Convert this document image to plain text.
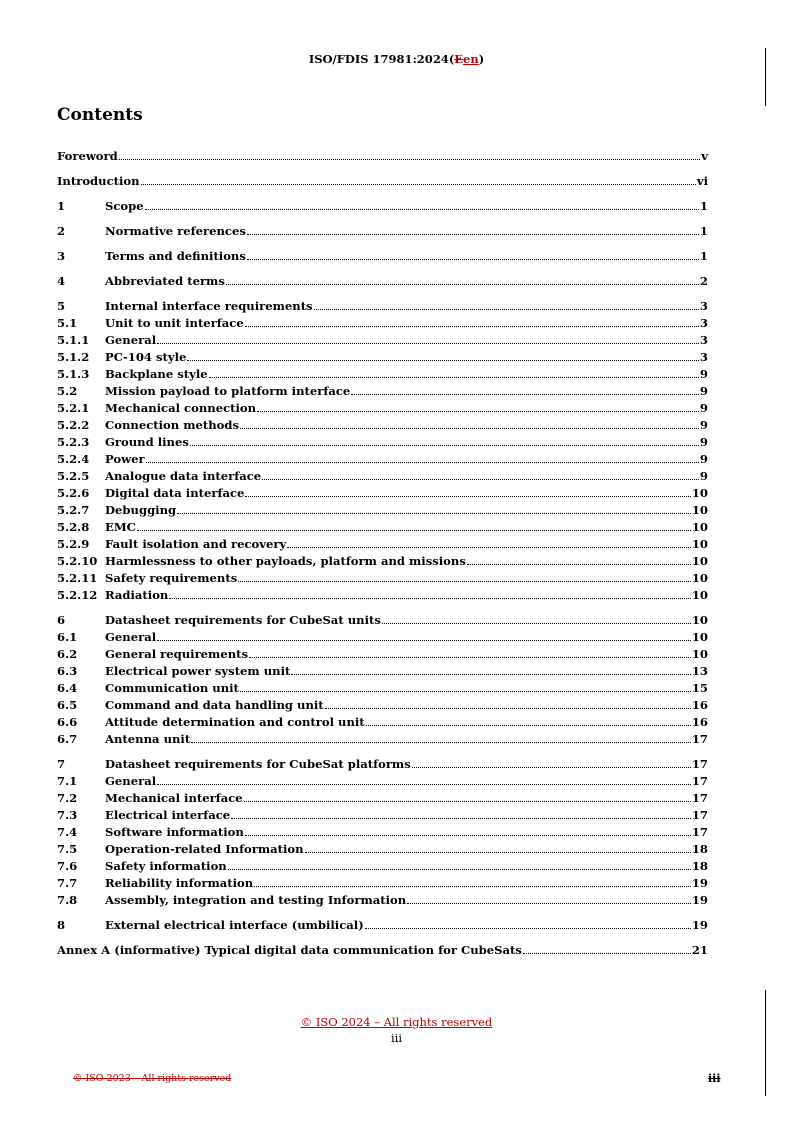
ISO/FDIS 17981:2024(Een)
Contents
Foreword	v
Introduction	vi
1	Scope	1
2	Normative references	1
3	Terms and definitions	1
4	Abbreviated terms	2
5	Internal interface requirements	3
5.1	Unit to unit interface	3
5.1.1	General	3
5.1.2	PC-104 style	3
5.1.3	Backplane style	9
5.2	Mission payload to platform interface	9
5.2.1	Mechanical connection	9
5.2.2	Connection methods	9
5.2.3	Ground lines	9
5.2.4	Power	9
5.2.5	Analogue data interface	9
5.2.6	Digital data interface	10
5.2.7	Debugging	10
5.2.8	EMC	10
5.2.9	Fault isolation and recovery	10
5.2.10 Harmlessness to other payloads, platform and missions	10
5.2.11 Safety requirements	10
5.2.12 Radiation	10
6	Datasheet requirements for CubeSat units	10
6.1	General	10
6.2	General requirements	10
6.3	Electrical power system unit	13
6.4	Communication unit	15
6.5	Command and data handling unit	16
6.6	Attitude determination and control unit	16
6.7	Antenna unit	17
7	Datasheet requirements for CubeSat platforms	17
7.1	General	17
7.2	Mechanical interface	17
7.3	Electrical interface	17
7.4	Software information	17
7.5	Operation-related Information	18
7.6	Safety information	18
7.7	Reliability information	19
7.8	Assembly, integration and testing Information	19
8	External electrical interface (umbilical)	19
Annex A (informative) Typical digital data communication for CubeSats	21
© ISO 2024 – All rights reserved
iii
© ISO 2023 – All rights reserved	iii
